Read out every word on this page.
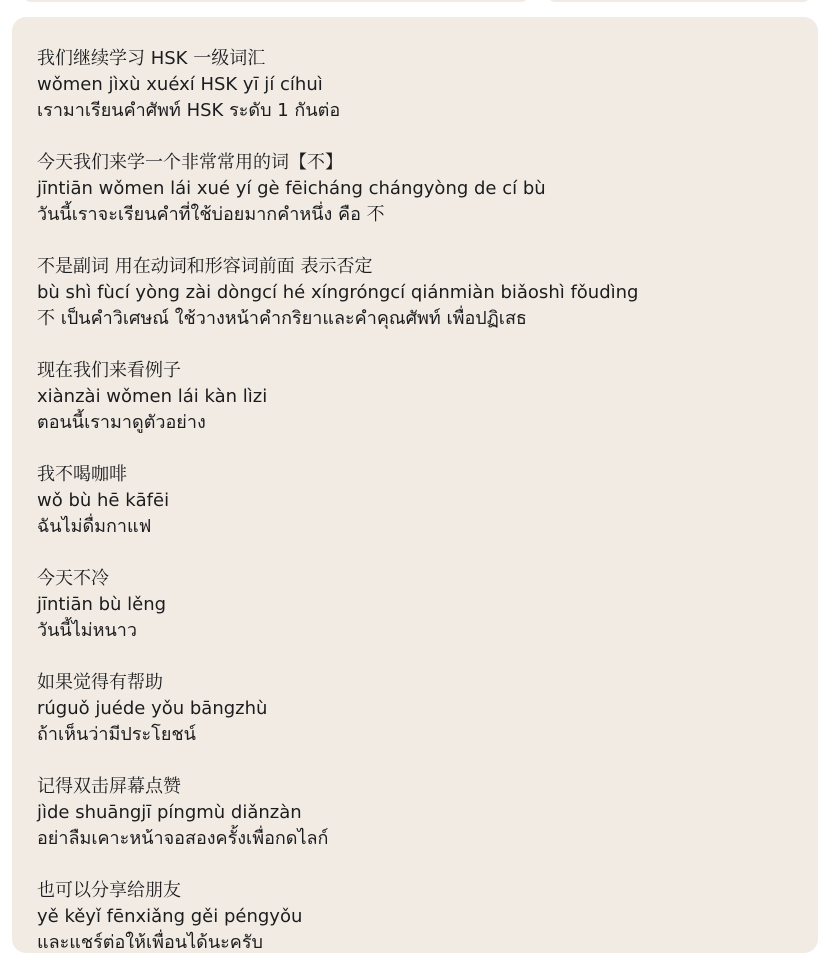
我们继续学习 HSK 一级词汇
wǒmen jìxù xuéxí HSK yī jí cíhuì
เรามาเรียนคำศัพท์ HSK ระดับ 1 กันต่อ
今天我们来学一个非常常用的词【不】
jīntiān wǒmen lái xué yí gè fēicháng chángyòng de cí bù
วันนี้เราจะเรียนคำที่ใช้บ่อยมากคำหนึ่ง คือ 不
不是副词 用在动词和形容词前面 表示否定
bù shì fùcí yòng zài dòngcí hé xíngróngcí qiánmiàn biǎoshì fǒudìng
不 เป็นคำวิเศษณ์ ใช้วางหน้าคำกริยาและคำคุณศัพท์ เพื่อปฏิเสธ
现在我们来看例子
xiànzài wǒmen lái kàn lìzi
ตอนนี้เรามาดูตัวอย่าง
我不喝咖啡
wǒ bù hē kāfēi
ฉันไม่ดื่มกาแฟ
今天不冷
jīntiān bù lěng
วันนี้ไม่หนาว
如果觉得有帮助
rúguǒ juéde yǒu bāngzhù
ถ้าเห็นว่ามีประโยชน์
记得双击屏幕点赞
jìde shuāngjī píngmù diǎnzàn
อย่าลืมเคาะหน้าจอสองครั้งเพื่อกดไลก์
也可以分享给朋友
yě kěyǐ fēnxiǎng gěi péngyǒu
และแชร์ต่อให้เพื่อนได้นะครับ
